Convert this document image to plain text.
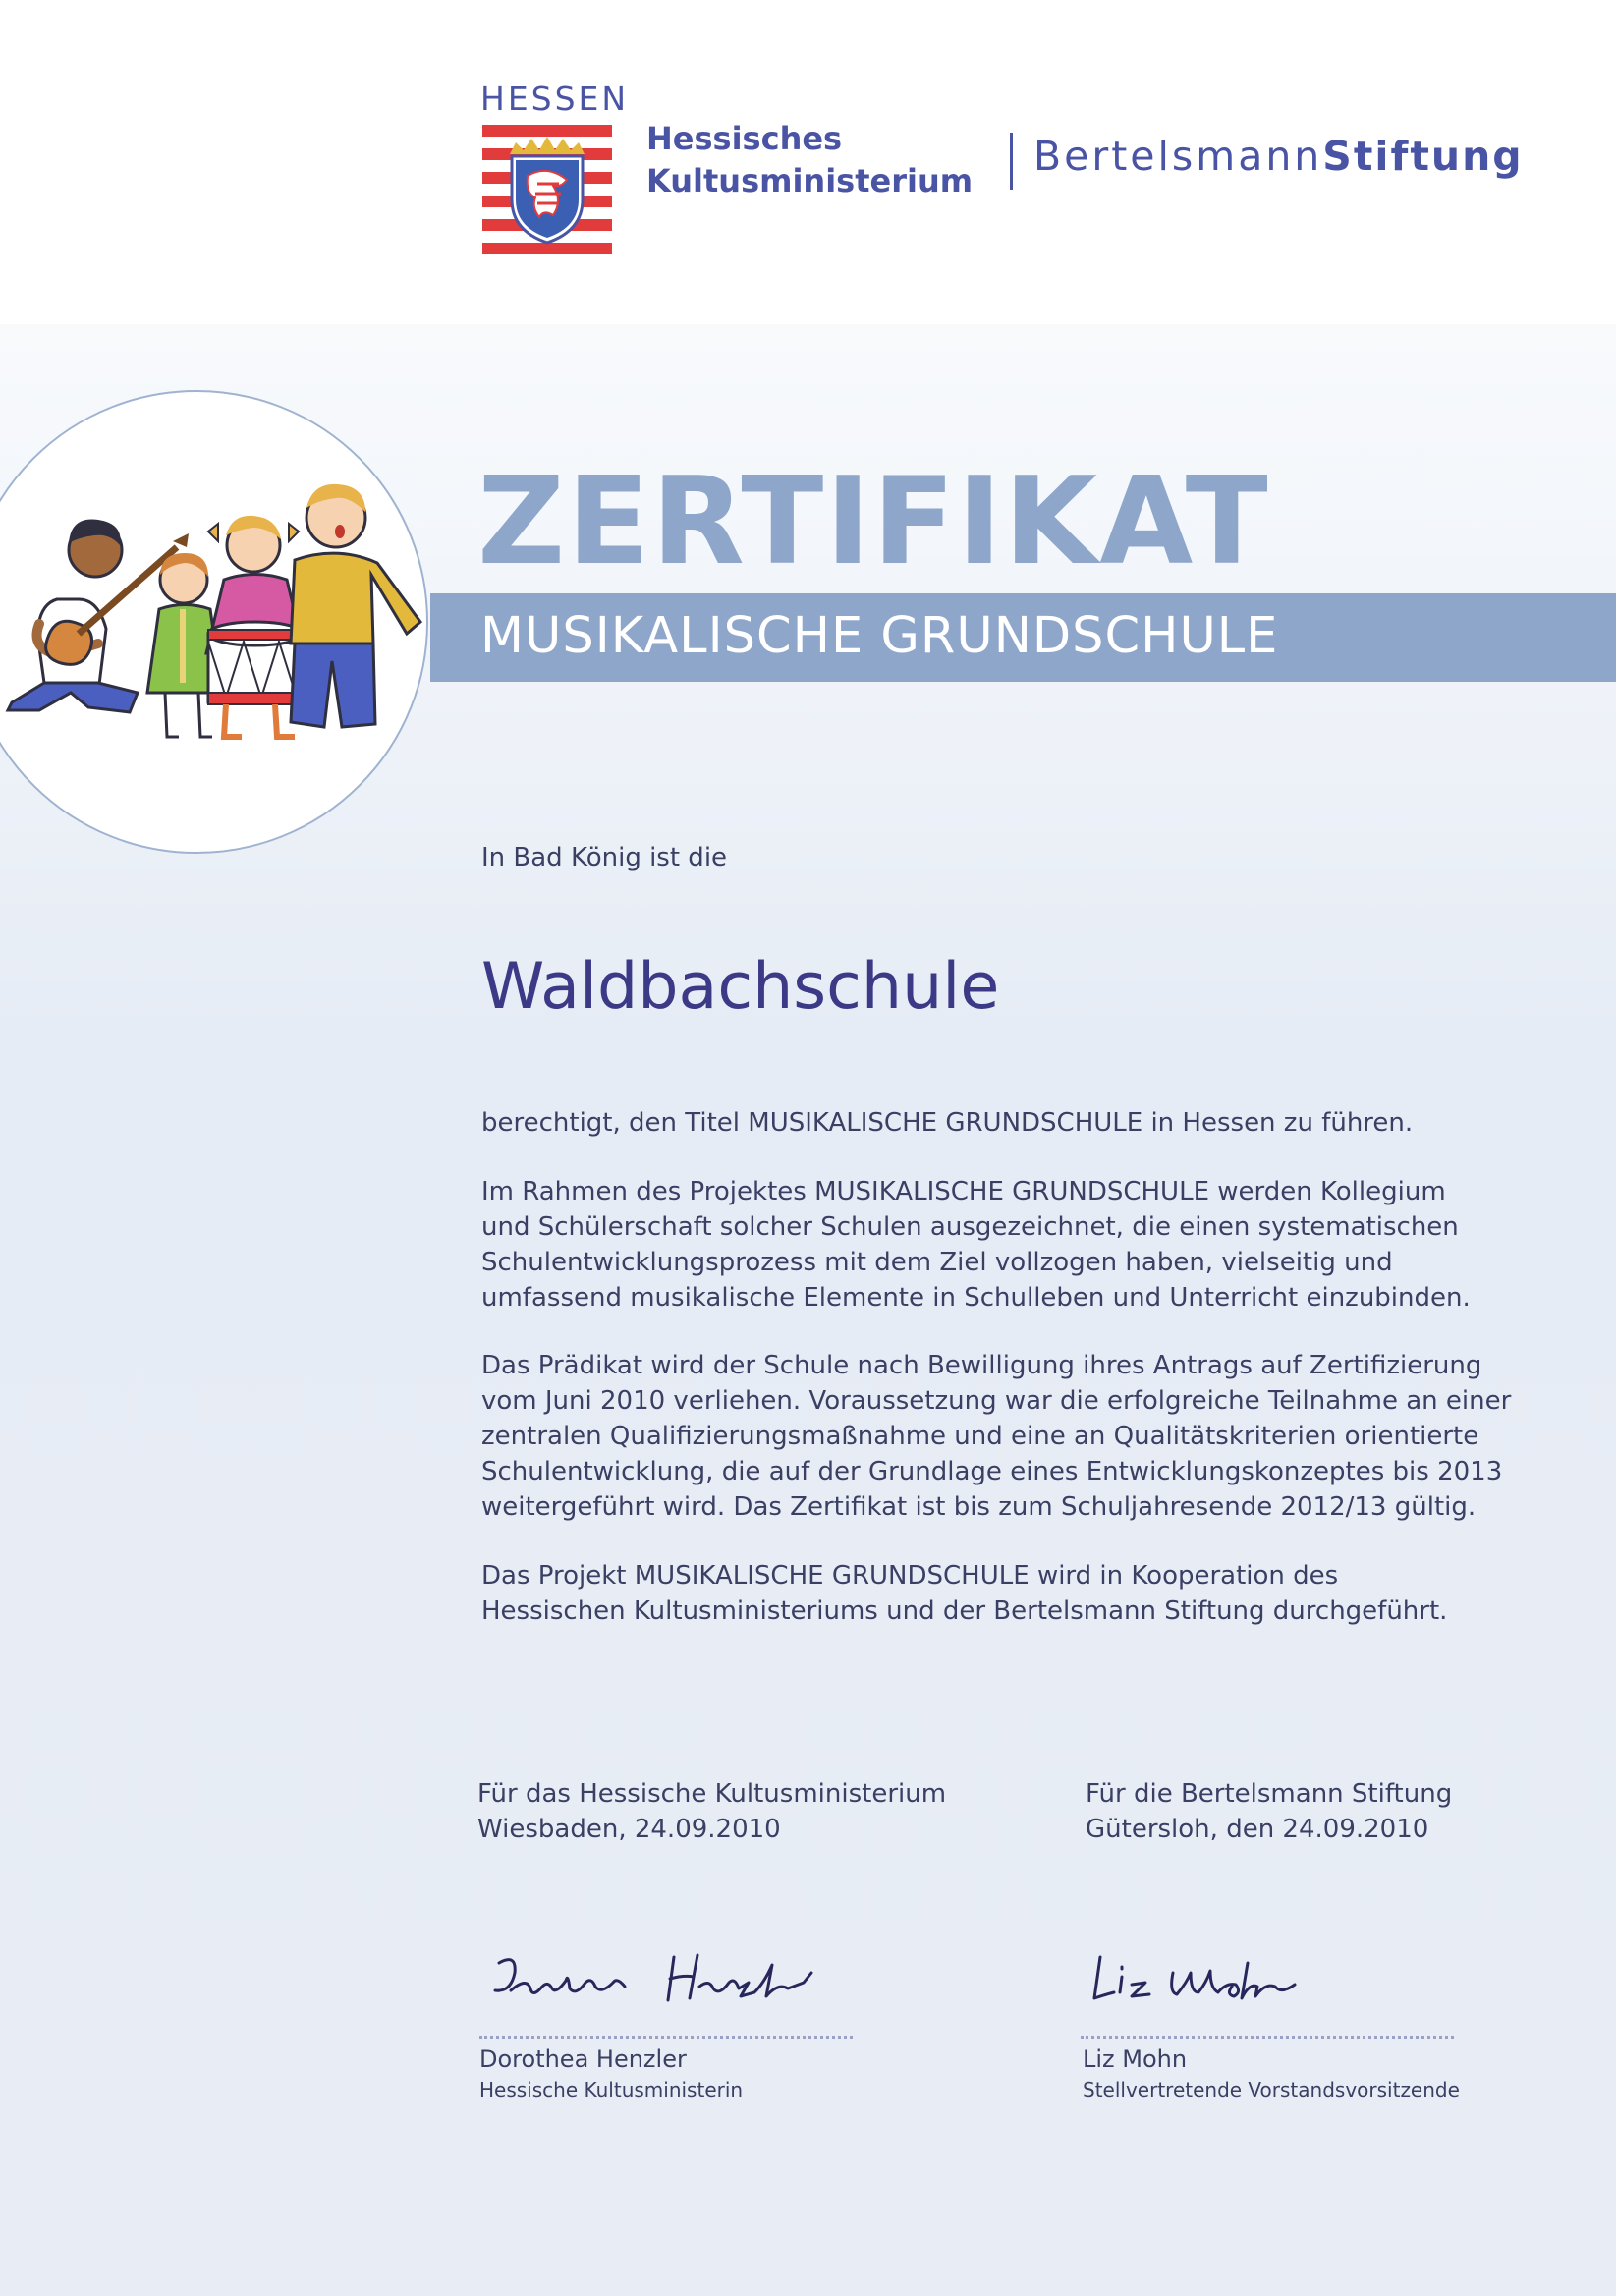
HESSEN
Hessisches
Kultusministerium
BertelsmannStiftung
ZERTIFIKAT
MUSIKALISCHE GRUNDSCHULE
In Bad König ist die
Waldbachschule
berechtigt, den Titel MUSIKALISCHE GRUNDSCHULE in Hessen zu führen.
Im Rahmen des Projektes MUSIKALISCHE GRUNDSCHULE werden Kollegium
und Schülerschaft solcher Schulen ausgezeichnet, die einen systematischen
Schulentwicklungsprozess mit dem Ziel vollzogen haben, vielseitig und
umfassend musikalische Elemente in Schulleben und Unterricht einzubinden.
Das Prädikat wird der Schule nach Bewilligung ihres Antrags auf Zertifizierung
vom Juni 2010 verliehen. Voraussetzung war die erfolgreiche Teilnahme an einer
zentralen Qualifizierungsmaßnahme und eine an Qualitätskriterien orientierte
Schulentwicklung, die auf der Grundlage eines Entwicklungskonzeptes bis 2013
weitergeführt wird. Das Zertifikat ist bis zum Schuljahresende 2012/13 gültig.
Das Projekt MUSIKALISCHE GRUNDSCHULE wird in Kooperation des
Hessischen Kultusministeriums und der Bertelsmann Stiftung durchgeführt.
Für das Hessische Kultusministerium
Wiesbaden, 24.09.2010
Für die Bertelsmann Stiftung
Gütersloh, den 24.09.2010
Dorothea Henzler
Hessische Kultusministerin
Liz Mohn
Stellvertretende Vorstandsvorsitzende
